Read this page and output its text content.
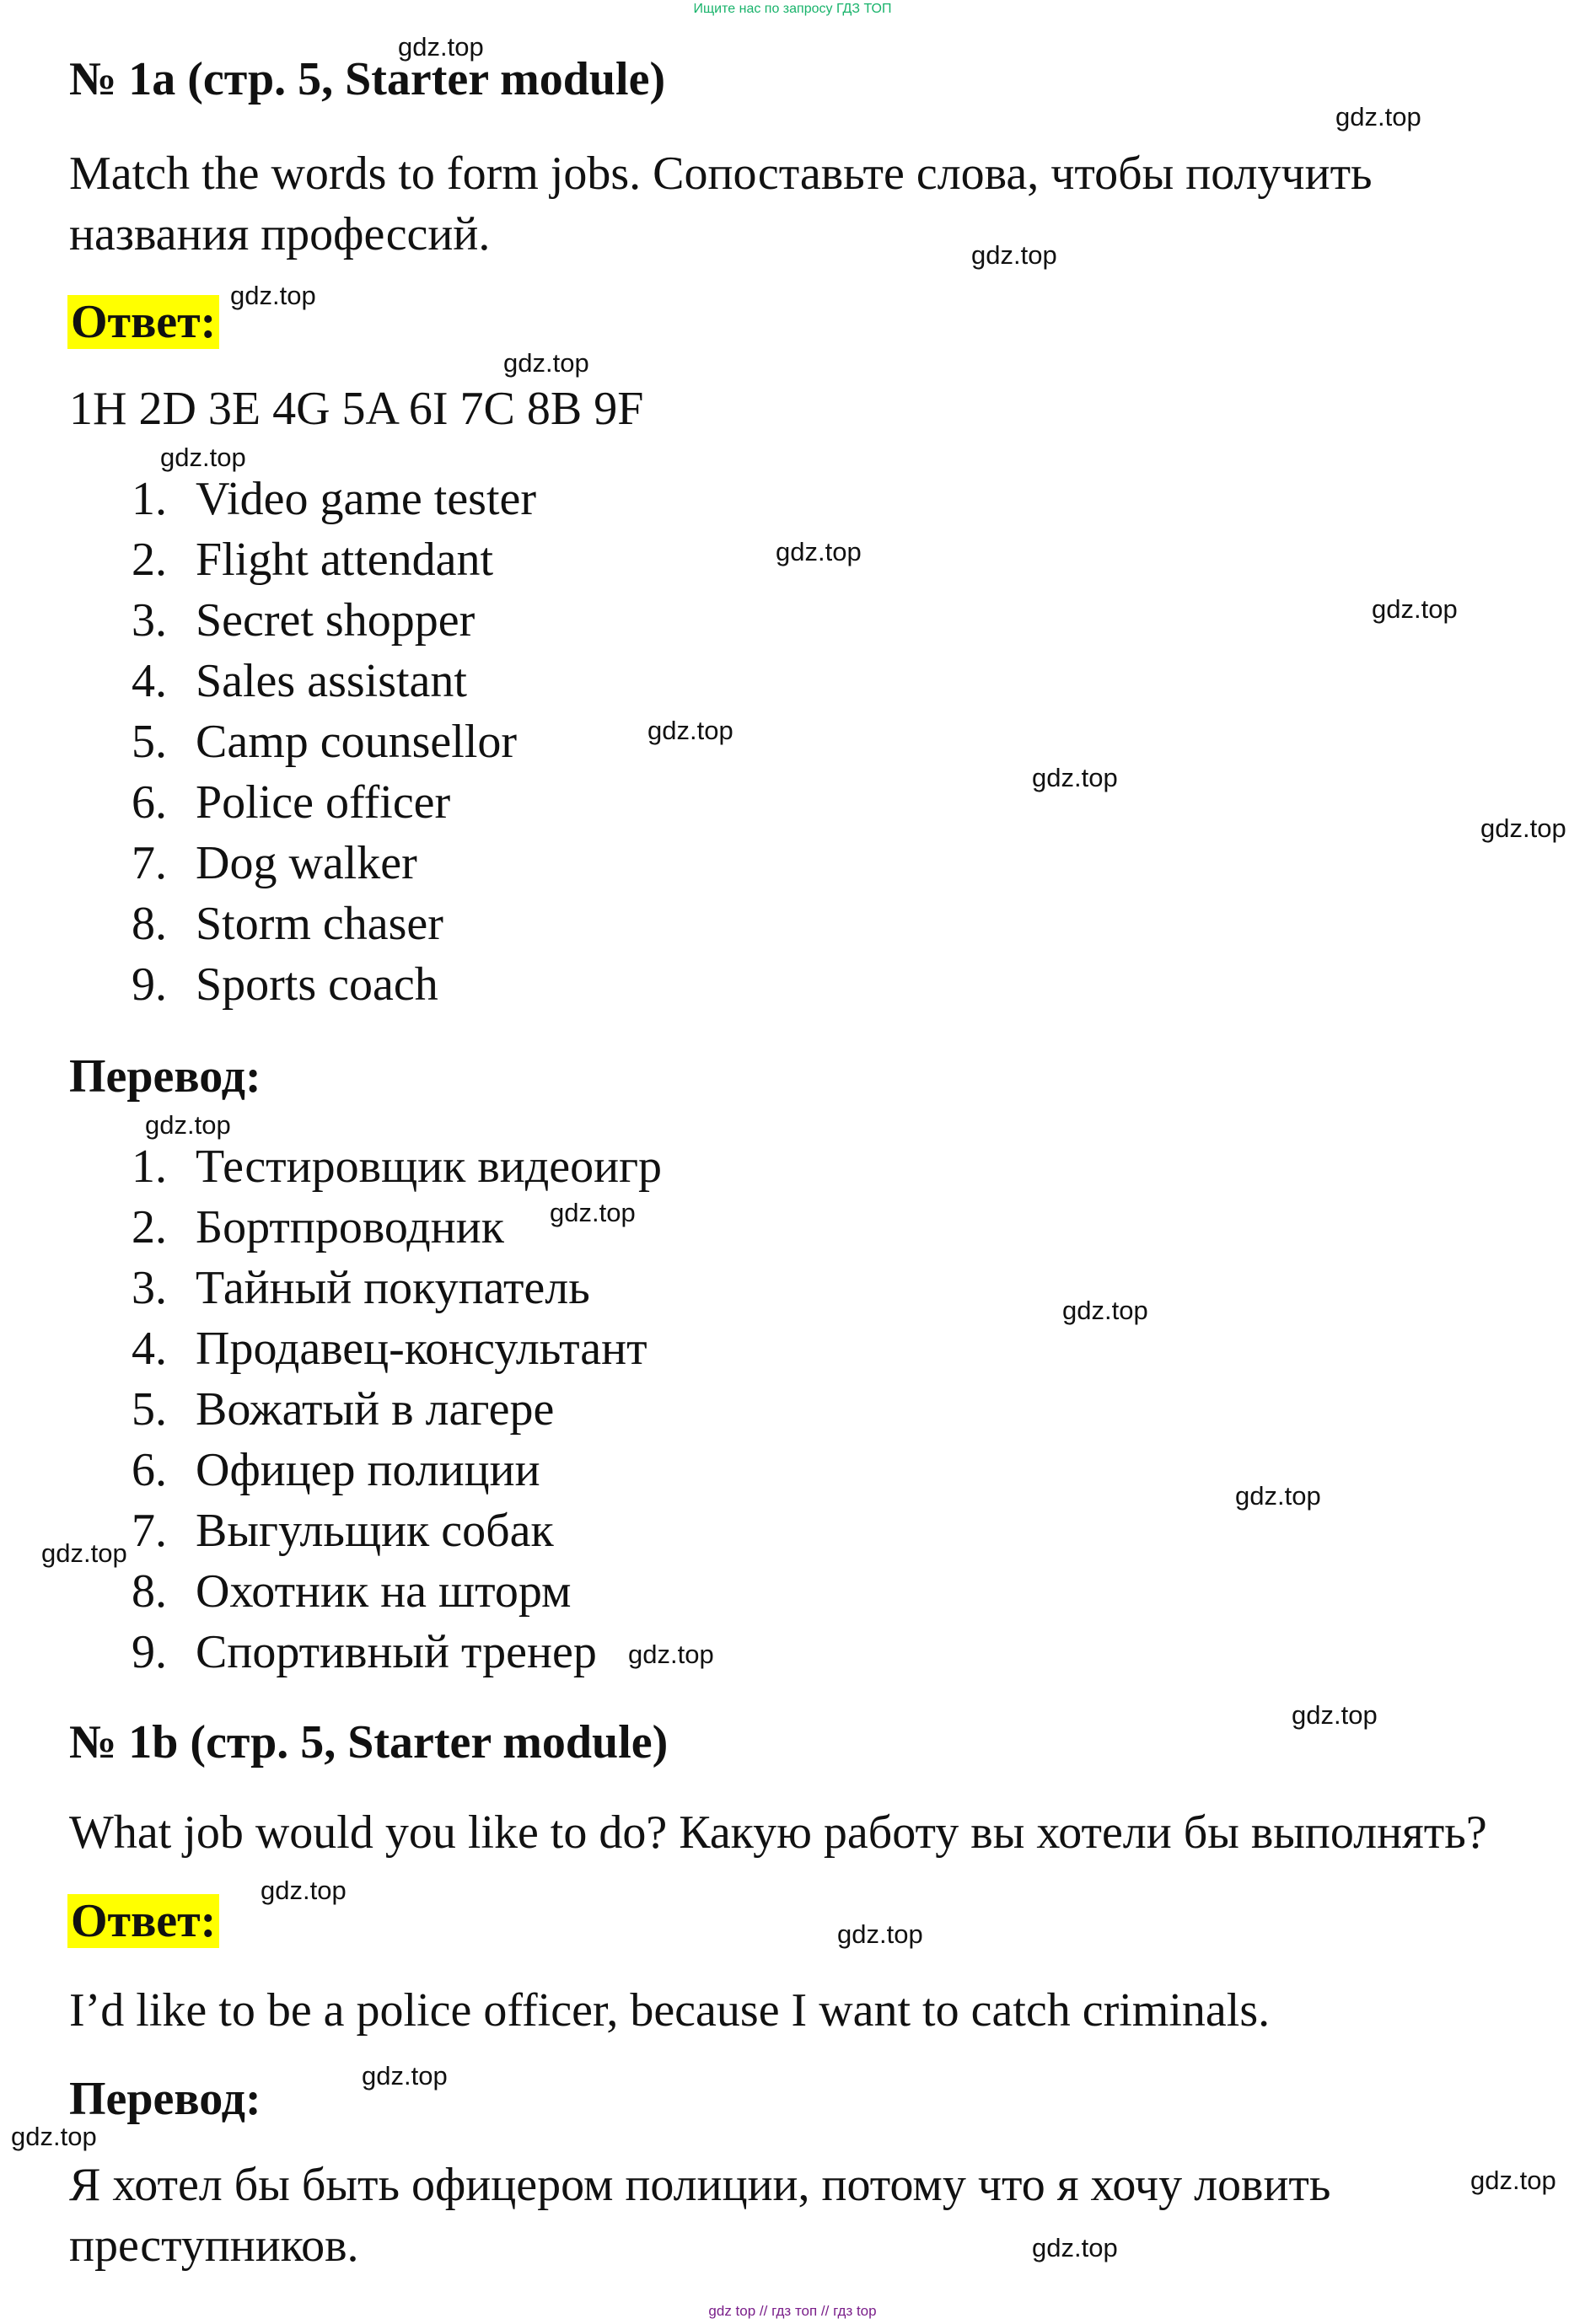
Ищите нас по запросу ГДЗ ТОП
№ 1a (стр. 5, Starter module)
Match the words to form jobs. Сопоставьте слова, чтобы получить названия профессий.
Ответ:
1H 2D 3E 4G 5A 6I 7C 8B 9F
1. Video game tester
2. Flight attendant
3. Secret shopper
4. Sales assistant
5. Camp counsellor
6. Police officer
7. Dog walker
8. Storm chaser
9. Sports coach
Перевод:
1. Тестировщик видеоигр
2. Бортпроводник
3. Тайный покупатель
4. Продавец-консультант
5. Вожатый в лагере
6. Офицер полиции
7. Выгульщик собак
8. Охотник на шторм
9. Спортивный тренер
№ 1b (стр. 5, Starter module)
What job would you like to do? Какую работу вы хотели бы выполнять?
Ответ:
I’d like to be a police officer, because I want to catch criminals.
Перевод:
Я хотел бы быть офицером полиции, потому что я хочу ловить преступников.
gdz.top
gdz.top
gdz.top
gdz.top
gdz.top
gdz.top
gdz.top
gdz.top
gdz.top
gdz.top
gdz.top
gdz.top
gdz.top
gdz.top
gdz.top
gdz.top
gdz.top
gdz.top
gdz.top
gdz.top
gdz.top
gdz.top
gdz.top
gdz.top
gdz top // гдз топ // гдз top
